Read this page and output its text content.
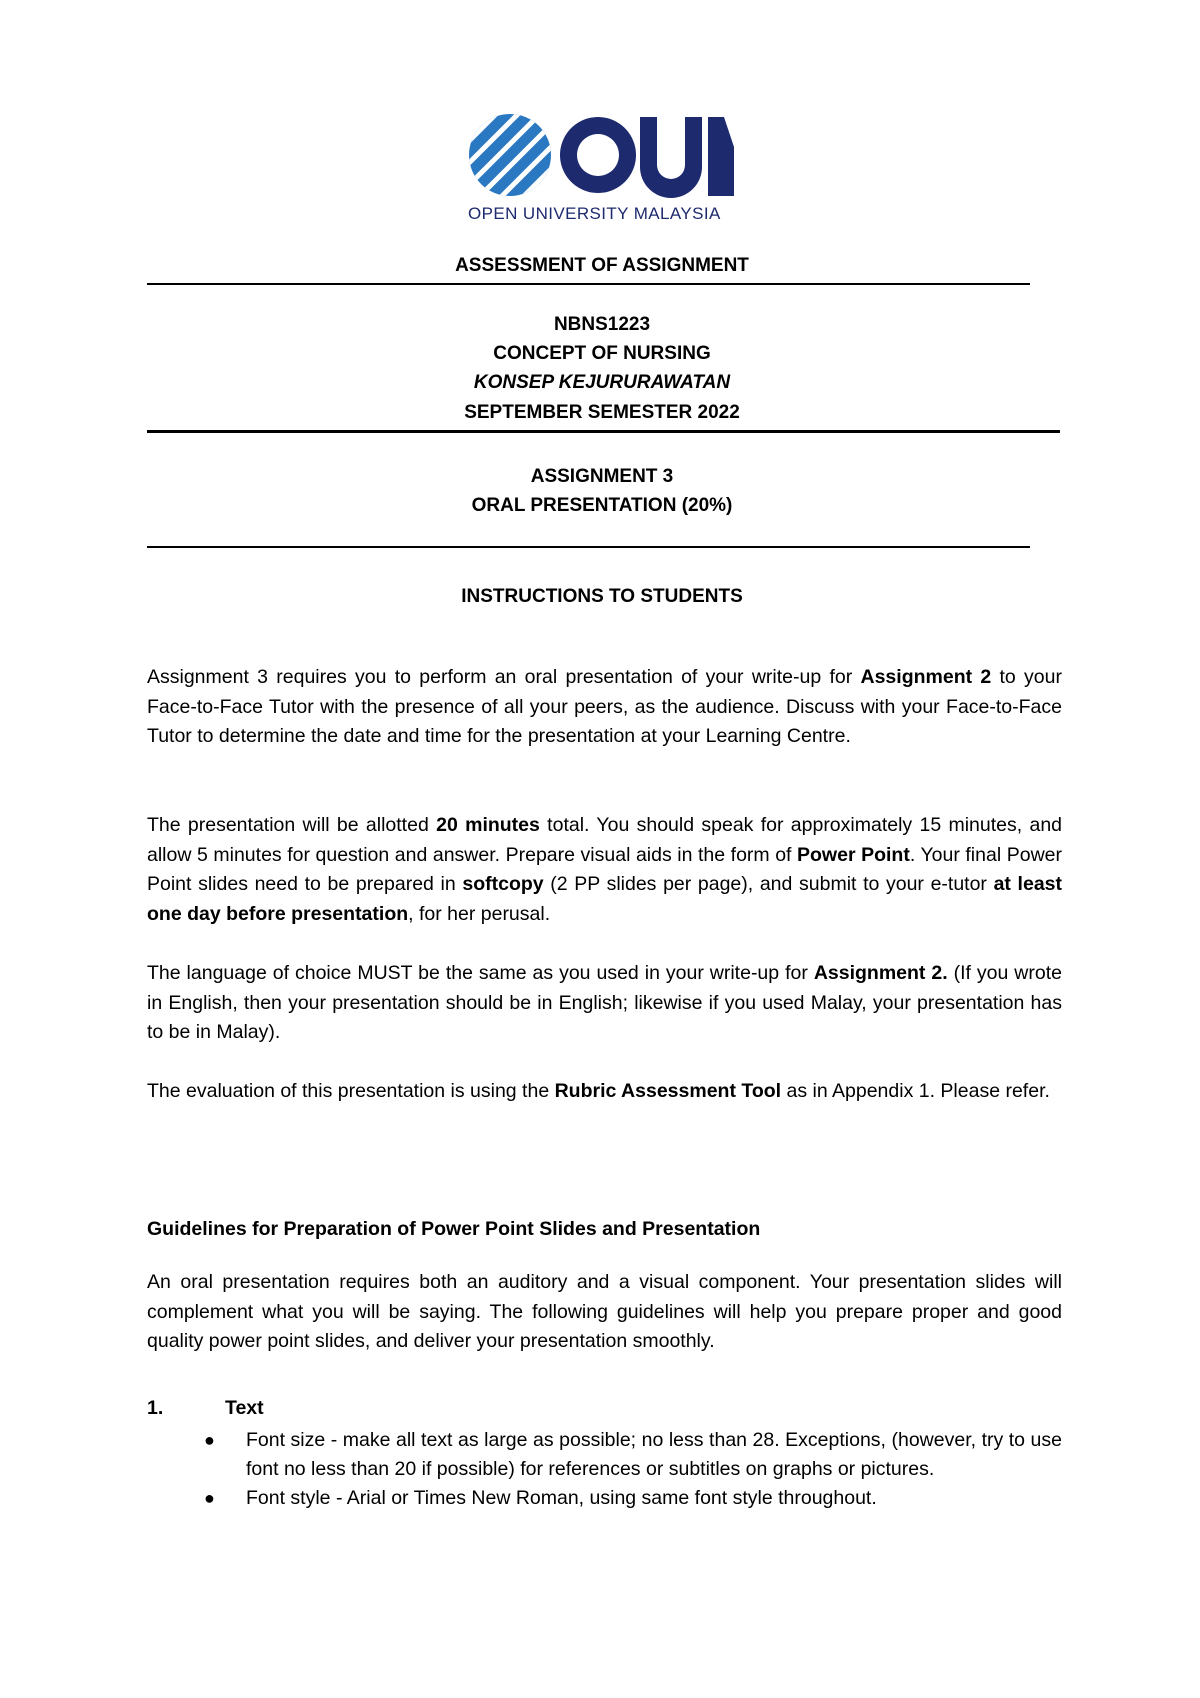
OPEN UNIVERSITY MALAYSIA
ASSESSMENT OF ASSIGNMENT
NBNS1223
CONCEPT OF NURSING
KONSEP KEJURURAWATAN
SEPTEMBER SEMESTER 2022
ASSIGNMENT 3
ORAL PRESENTATION (20%)
INSTRUCTIONS TO STUDENTS

Assignment 3 requires you to perform an oral presentation of your write-up for Assignment 2 to your Face-to-Face Tutor with the presence of all your peers, as the audience. Discuss with your Face-to-Face Tutor to determine the date and time for the presentation at your Learning Centre.

The presentation will be allotted 20 minutes total. You should speak for approximately 15 minutes, and allow 5 minutes for question and answer. Prepare visual aids in the form of Power Point. Your final Power Point slides need to be prepared in softcopy (2 PP slides per page), and submit to your e-tutor at least one day before presentation, for her perusal.

The language of choice MUST be the same as you used in your write-up for Assignment 2. (If you wrote in English, then your presentation should be in English; likewise if you used Malay, your presentation has to be in Malay).

The evaluation of this presentation is using the Rubric Assessment Tool as in Appendix 1. Please refer.

Guidelines for Preparation of Power Point Slides and Presentation

An oral presentation requires both an auditory and a visual component. Your presentation slides will complement what you will be saying. The following guidelines will help you prepare proper and good quality power point slides, and deliver your presentation smoothly.

1.	Text
● Font size - make all text as large as possible; no less than 28. Exceptions, (however, try to use font no less than 20 if possible) for references or subtitles on graphs or pictures.
● Font style - Arial or Times New Roman, using same font style throughout.
